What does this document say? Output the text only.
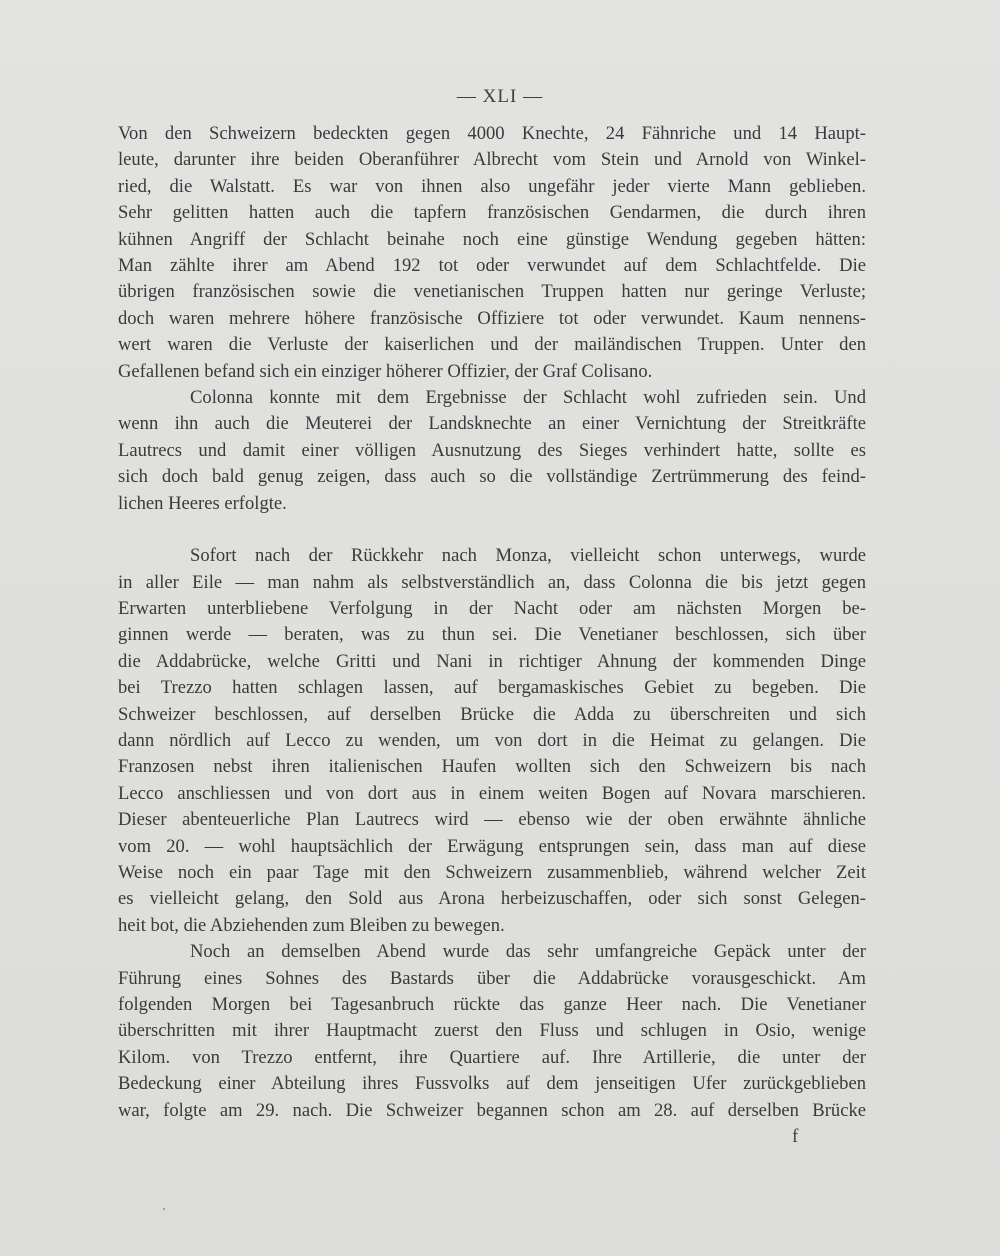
— XLI —
Von den Schweizern bedeckten gegen 4000 Knechte, 24 Fähnriche und 14 Haupt-
leute, darunter ihre beiden Oberanführer Albrecht vom Stein und Arnold von Winkel-
ried, die Walstatt. Es war von ihnen also ungefähr jeder vierte Mann geblieben.
Sehr gelitten hatten auch die tapfern französischen Gendarmen, die durch ihren
kühnen Angriff der Schlacht beinahe noch eine günstige Wendung gegeben hätten:
Man zählte ihrer am Abend 192 tot oder verwundet auf dem Schlachtfelde. Die
übrigen französischen sowie die venetianischen Truppen hatten nur geringe Verluste;
doch waren mehrere höhere französische Offiziere tot oder verwundet. Kaum nennens-
wert waren die Verluste der kaiserlichen und der mailändischen Truppen. Unter den
Gefallenen befand sich ein einziger höherer Offizier, der Graf Colisano.
Colonna konnte mit dem Ergebnisse der Schlacht wohl zufrieden sein. Und
wenn ihn auch die Meuterei der Landsknechte an einer Vernichtung der Streitkräfte
Lautrecs und damit einer völligen Ausnutzung des Sieges verhindert hatte, sollte es
sich doch bald genug zeigen, dass auch so die vollständige Zertrümmerung des feind-
lichen Heeres erfolgte.
Sofort nach der Rückkehr nach Monza, vielleicht schon unterwegs, wurde
in aller Eile — man nahm als selbstverständlich an, dass Colonna die bis jetzt gegen
Erwarten unterbliebene Verfolgung in der Nacht oder am nächsten Morgen be-
ginnen werde — beraten, was zu thun sei. Die Venetianer beschlossen, sich über
die Addabrücke, welche Gritti und Nani in richtiger Ahnung der kommenden Dinge
bei Trezzo hatten schlagen lassen, auf bergamaskisches Gebiet zu begeben. Die
Schweizer beschlossen, auf derselben Brücke die Adda zu überschreiten und sich
dann nördlich auf Lecco zu wenden, um von dort in die Heimat zu gelangen. Die
Franzosen nebst ihren italienischen Haufen wollten sich den Schweizern bis nach
Lecco anschliessen und von dort aus in einem weiten Bogen auf Novara marschieren.
Dieser abenteuerliche Plan Lautrecs wird — ebenso wie der oben erwähnte ähnliche
vom 20. — wohl hauptsächlich der Erwägung entsprungen sein, dass man auf diese
Weise noch ein paar Tage mit den Schweizern zusammenblieb, während welcher Zeit
es vielleicht gelang, den Sold aus Arona herbeizuschaffen, oder sich sonst Gelegen-
heit bot, die Abziehenden zum Bleiben zu bewegen.
Noch an demselben Abend wurde das sehr umfangreiche Gepäck unter der
Führung eines Sohnes des Bastards über die Addabrücke vorausgeschickt. Am
folgenden Morgen bei Tagesanbruch rückte das ganze Heer nach. Die Venetianer
überschritten mit ihrer Hauptmacht zuerst den Fluss und schlugen in Osio, wenige
Kilom. von Trezzo entfernt, ihre Quartiere auf. Ihre Artillerie, die unter der
Bedeckung einer Abteilung ihres Fussvolks auf dem jenseitigen Ufer zurückgeblieben
war, folgte am 29. nach. Die Schweizer begannen schon am 28. auf derselben Brücke
f
